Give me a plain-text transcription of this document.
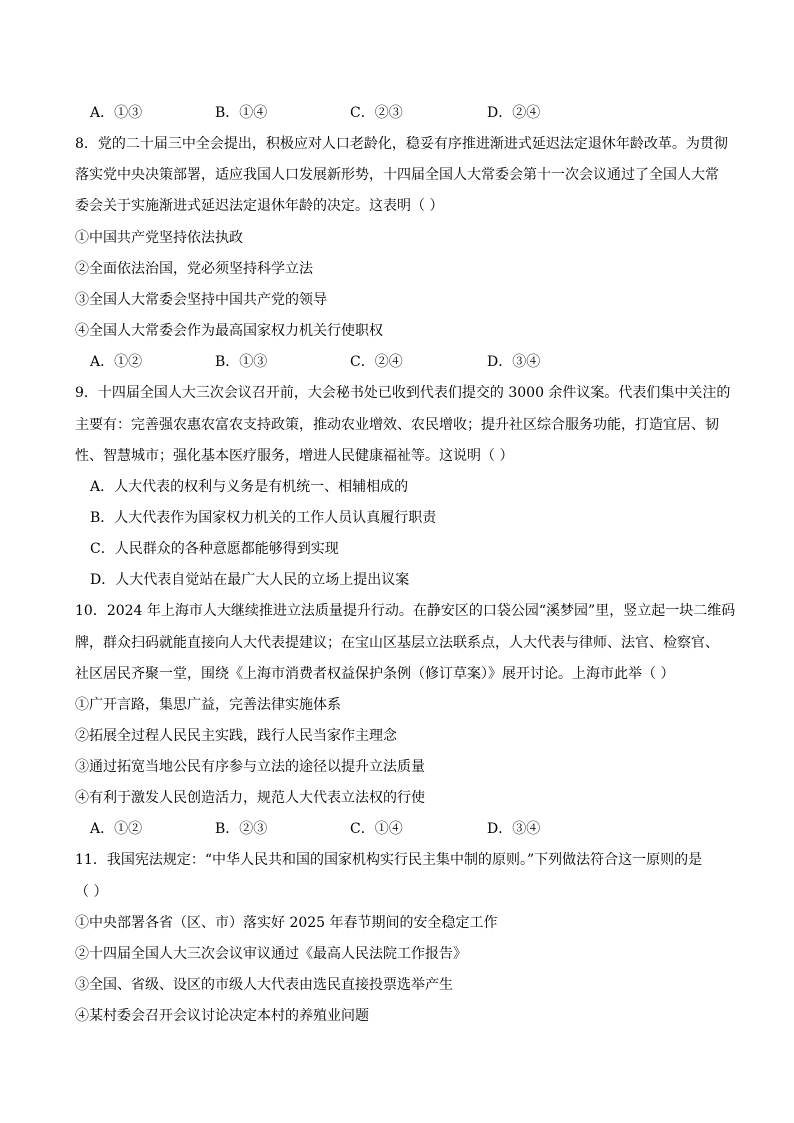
A．①③	B．①④	C．②③	D．②④
8．党的二十届三中全会提出，积极应对人口老龄化，稳妥有序推进渐进式延迟法定退休年龄改革。为贯彻
落实党中央决策部署，适应我国人口发展新形势，十四届全国人大常委会第十一次会议通过了全国人大常
委会关于实施渐进式延迟法定退休年龄的决定。这表明（ ）
①中国共产党坚持依法执政
②全面依法治国，党必须坚持科学立法
③全国人大常委会坚持中国共产党的领导
④全国人大常委会作为最高国家权力机关行使职权
A．①②	B．①③	C．②④	D．③④
9．十四届全国人大三次会议召开前，大会秘书处已收到代表们提交的 3000 余件议案。代表们集中关注的
主要有：完善强农惠农富农支持政策，推动农业增效、农民增收；提升社区综合服务功能，打造宜居、韧
性、智慧城市；强化基本医疗服务，增进人民健康福祉等。这说明（ ）
A．人大代表的权利与义务是有机统一、相辅相成的
B．人大代表作为国家权力机关的工作人员认真履行职责
C．人民群众的各种意愿都能够得到实现
D．人大代表自觉站在最广大人民的立场上提出议案
10．2024 年上海市人大继续推进立法质量提升行动。在静安区的口袋公园“溪梦园”里，竖立起一块二维码
牌，群众扫码就能直接向人大代表提建议；在宝山区基层立法联系点，人大代表与律师、法官、检察官、
社区居民齐聚一堂，围绕《上海市消费者权益保护条例（修订草案）》展开讨论。上海市此举（ ）
①广开言路，集思广益，完善法律实施体系
②拓展全过程人民民主实践，践行人民当家作主理念
③通过拓宽当地公民有序参与立法的途径以提升立法质量
④有利于激发人民创造活力，规范人大代表立法权的行使
A．①②	B．②③	C．①④	D．③④
11．我国宪法规定：“中华人民共和国的国家机构实行民主集中制的原则。”下列做法符合这一原则的是
（ ）
①中央部署各省（区、市）落实好 2025 年春节期间的安全稳定工作
②十四届全国人大三次会议审议通过《最高人民法院工作报告》
③全国、省级、设区的市级人大代表由选民直接投票选举产生
④某村委会召开会议讨论决定本村的养殖业问题
